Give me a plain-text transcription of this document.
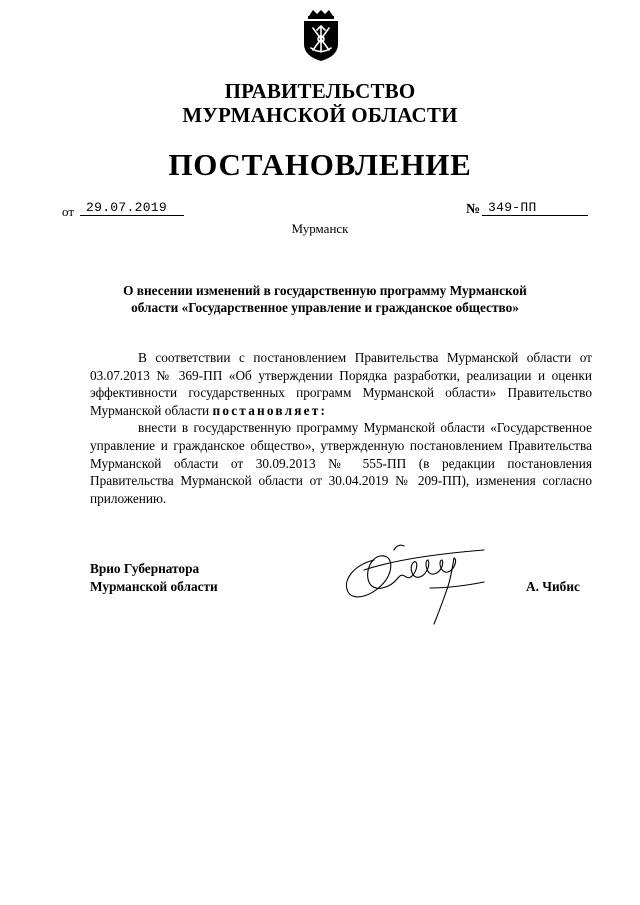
ПРАВИТЕЛЬСТВО
МУРМАНСКОЙ ОБЛАСТИ
ПОСТАНОВЛЕНИЕ
от 29.07.2019	№ 349-ПП
Мурманск
О внесении изменений в государственную программу Мурманской
области «Государственное управление и гражданское общество»

В соответствии с постановлением Правительства Мурманской области от 03.07.2013 № 369-ПП «Об утверждении Порядка разработки, реализации и оценки эффективности государственных программ Мурманской области» Правительство Мурманской области постановляет:

внести в государственную программу Мурманской области «Государственное управление и гражданское общество», утвержденную постановлением Правительства Мурманской области от 30.09.2013 № 555-ПП (в редакции постановления Правительства Мурманской области от 30.04.2019 № 209-ПП), изменения согласно приложению.

Врио Губернатора
Мурманской области	А. Чибис
